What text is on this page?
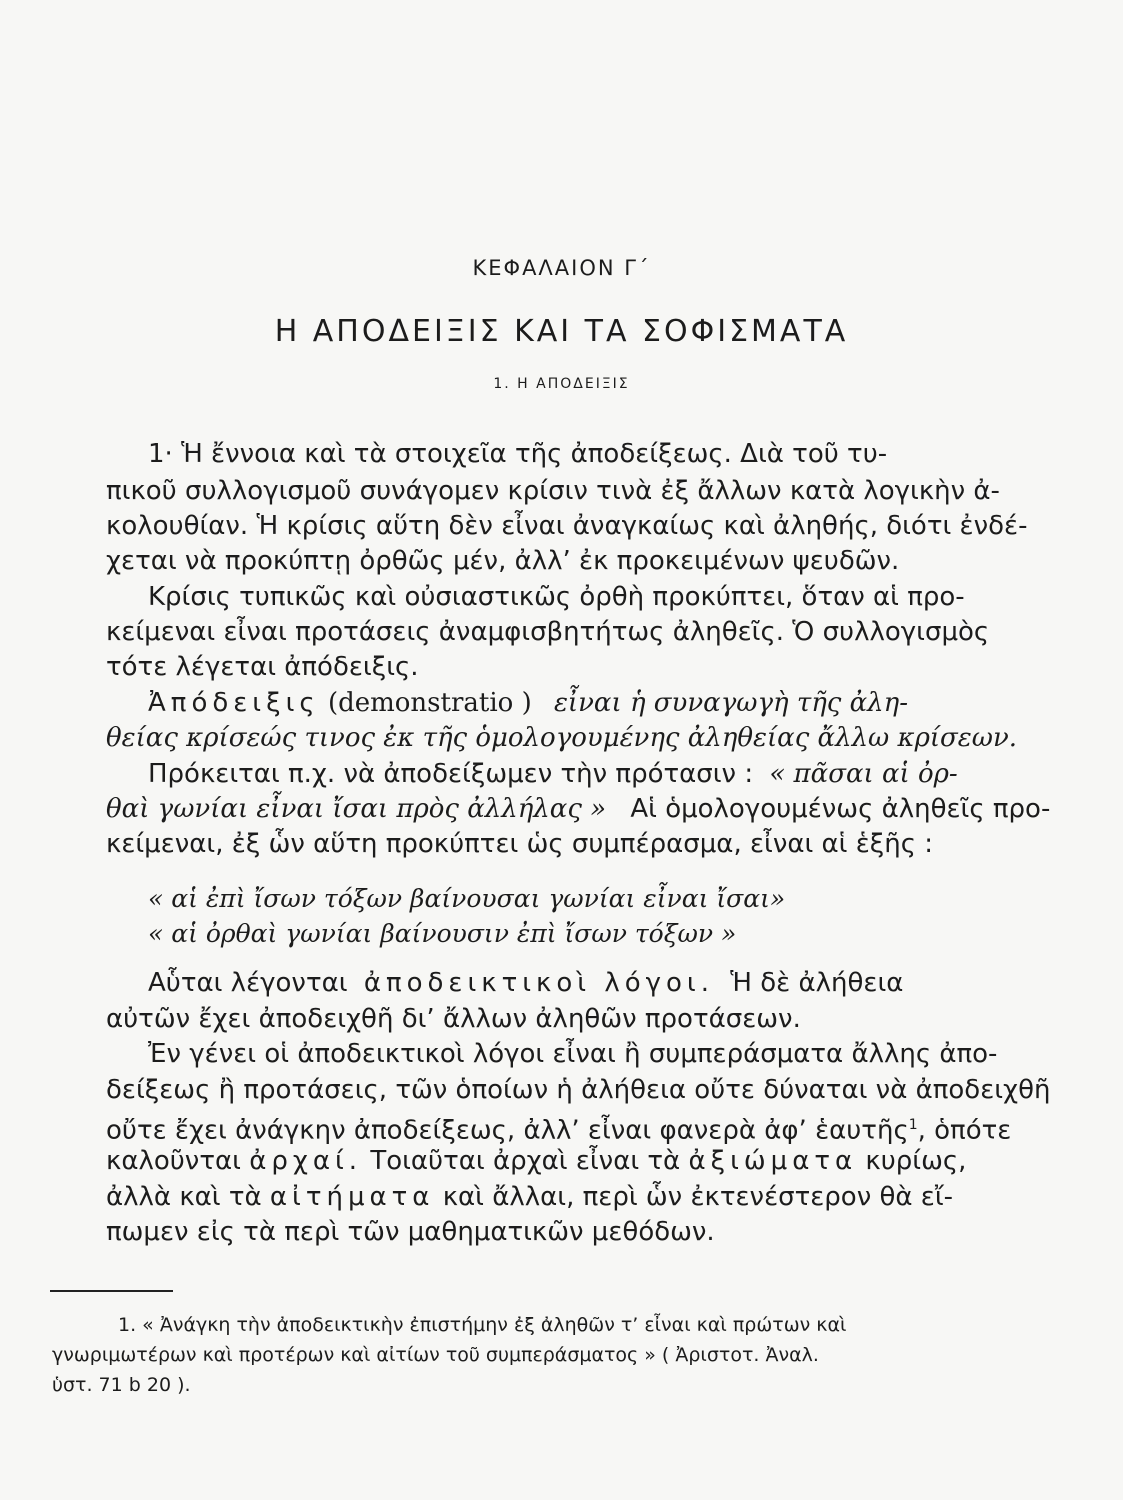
ΚΕΦΑΛΑΙΟΝ Γ΄
Η ΑΠΟΔΕΙΞΙΣ ΚΑΙ ΤΑ ΣΟΦΙΣΜΑΤΑ
1. Η ΑΠΟΔΕΙΞΙΣ
1· Ἡ ἔννοια καὶ τὰ στοιχεῖα τῆς ἀποδείξεως. Διὰ τοῦ τυ-
πικοῦ συλλογισμοῦ συνάγομεν κρίσιν τινὰ ἐξ ἄλλων κατὰ λογικὴν ἀ-
κολουθίαν. Ἡ κρίσις αὕτη δὲν εἶναι ἀναγκαίως καὶ ἀληθής, διότι ἐνδέ-
χεται νὰ προκύπτῃ ὀρθῶς μέν, ἀλλ’ ἐκ προκειμένων ψευδῶν.
Κρίσις τυπικῶς καὶ οὐσιαστικῶς ὀρθὴ προκύπτει, ὅταν αἱ προ-
κείμεναι εἶναι προτάσεις ἀναμφισβητήτως ἀληθεῖς. Ὁ συλλογισμὸς
τότε λέγεται ἀπόδειξις.
Ἀπόδειξις (demonstratio ) εἶναι ἡ συναγωγὴ τῆς ἀλη-
θείας κρίσεώς τινος ἐκ τῆς ὁμολογουμένης ἀληθείας ἄλλω κρίσεων.
Πρόκειται π.χ. νὰ ἀποδείξωμεν τὴν πρότασιν : « πᾶσαι αἱ ὀρ-
θαὶ γωνίαι εἶναι ἴσαι πρὸς ἀλλήλας » Αἱ ὁμολογουμένως ἀληθεῖς προ-
κείμεναι, ἐξ ὧν αὕτη προκύπτει ὡς συμπέρασμα, εἶναι αἱ ἑξῆς :
« αἱ ἐπὶ ἴσων τόξων βαίνουσαι γωνίαι εἶναι ἴσαι»
« αἱ ὀρθαὶ γωνίαι βαίνουσιν ἐπὶ ἴσων τόξων »
Αὗται λέγονται ἀποδεικτικοὶ λόγοι. Ἡ δὲ ἀλήθεια
αὐτῶν ἔχει ἀποδειχθῆ δι’ ἄλλων ἀληθῶν προτάσεων.
Ἐν γένει οἱ ἀποδεικτικοὶ λόγοι εἶναι ἢ συμπεράσματα ἄλλης ἀπο-
δείξεως ἢ προτάσεις, τῶν ὁποίων ἡ ἀλήθεια οὔτε δύναται νὰ ἀποδειχθῆ
οὔτε ἔχει ἀνάγκην ἀποδείξεως, ἀλλ’ εἶναι φανερὰ ἀφ’ ἑαυτῆς$^1$, ὁπότε
καλοῦνται ἀρχαί. Τοιαῦται ἀρχαὶ εἶναι τὰ ἀξιώματα κυρίως,
ἀλλὰ καὶ τὰ αἰτήματα καὶ ἄλλαι, περὶ ὧν ἐκτενέστερον θὰ εἴ-
πωμεν εἰς τὰ περὶ τῶν μαθηματικῶν μεθόδων.
1. « Ἀνάγκη τὴν ἀποδεικτικὴν ἐπιστήμην ἐξ ἀληθῶν τ’ εἶναι καὶ πρώτων καὶ
γνωριμωτέρων καὶ προτέρων καὶ αἰτίων τοῦ συμπεράσματος » ( Ἀριστοτ. Ἀναλ.
ὑστ. 71 b 20 ).
